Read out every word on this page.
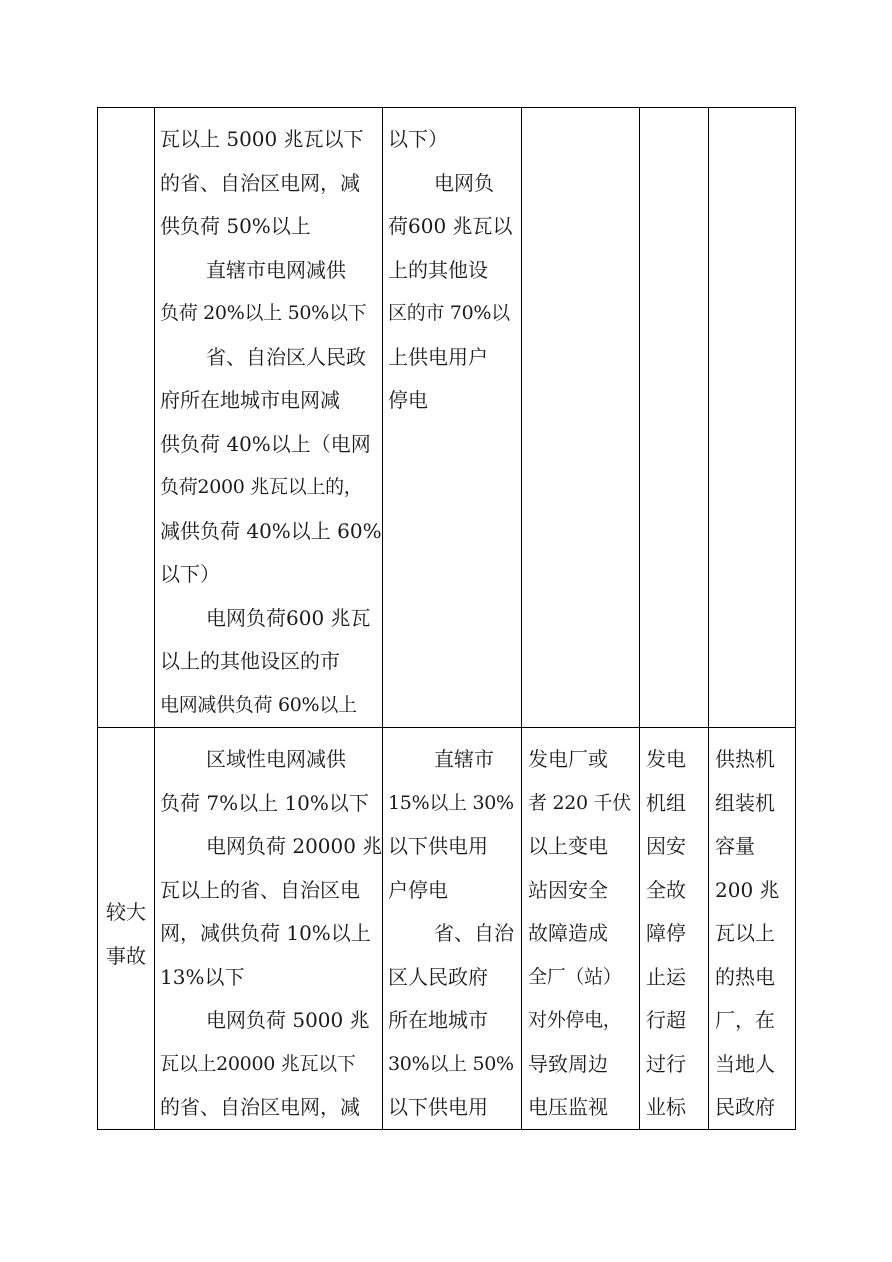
瓦以上 5000 兆瓦以下
的省、自治区电网，减
供负荷 50%以上
直辖市电网减供
负荷 20%以上 50%以下
省、自治区人民政
府所在地城市电网减
供负荷 40%以上（电网
负荷2000 兆瓦以上的，
减供负荷 40%以上 60%
以下）
电网负荷600 兆瓦
以上的其他设区的市
电网减供负荷 60%以上
以下）
电网负
荷600 兆瓦以
上的其他设
区的市 70%以
上供电用户
停电
较大
事故
区域性电网减供
负荷 7%以上 10%以下
电网负荷 20000 兆
瓦以上的省、自治区电
网，减供负荷 10%以上
13%以下
电网负荷 5000 兆
瓦以上20000 兆瓦以下
的省、自治区电网，减
直辖市
15%以上 30%
以下供电用
户停电
省、自治
区人民政府
所在地城市
30%以上 50%
以下供电用
发电厂或
者 220 千伏
以上变电
站因安全
故障造成
全厂（站）
对外停电，
导致周边
电压监视
发电
机组
因安
全故
障停
止运
行超
过行
业标
供热机
组装机
容量
200 兆
瓦以上
的热电
厂，在
当地人
民政府
